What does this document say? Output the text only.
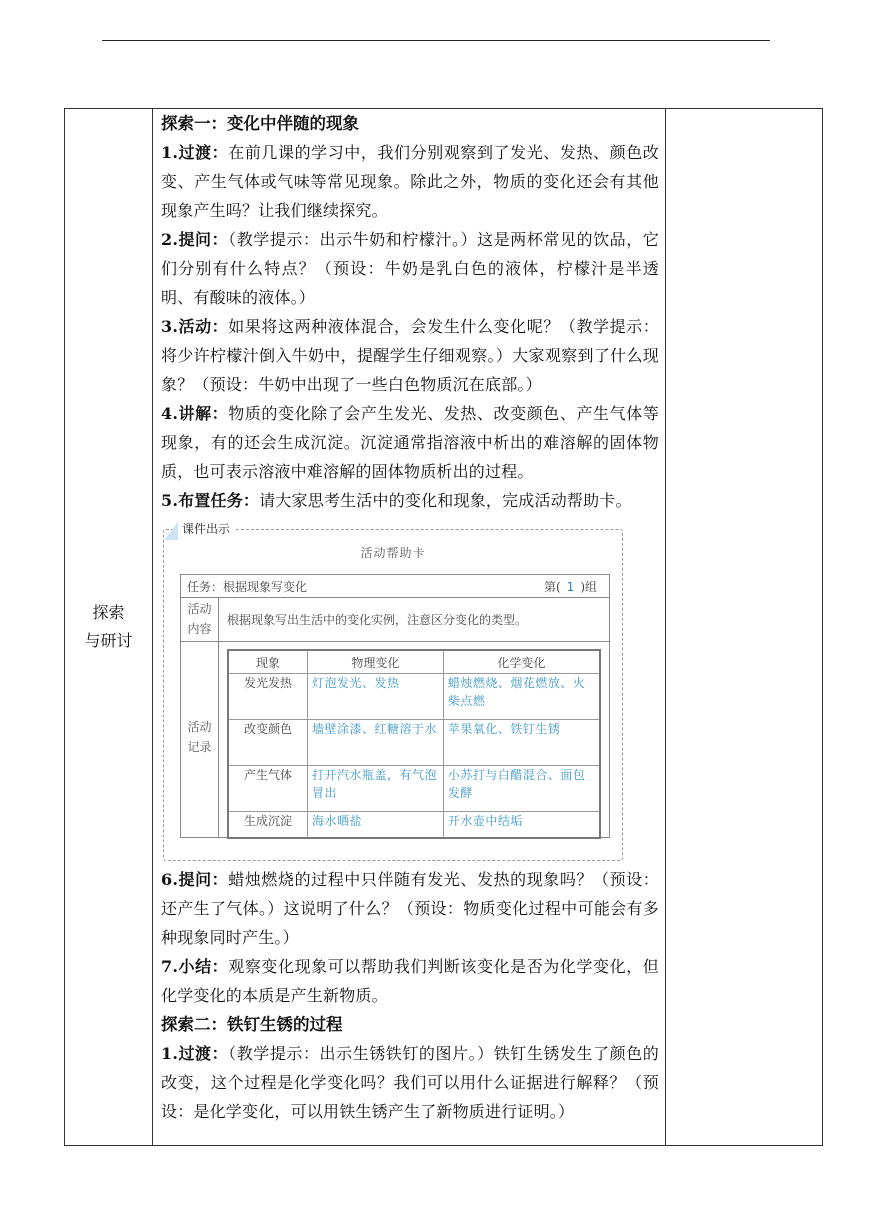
探索
与研讨

探索一：变化中伴随的现象

1.过渡：在前几课的学习中，我们分别观察到了发光、发热、颜色改变、产生气体或气味等常见现象。除此之外，物质的变化还会有其他现象产生吗？让我们继续探究。

2.提问：（教学提示：出示牛奶和柠檬汁。）这是两杯常见的饮品，它们分别有什么特点？（预设：牛奶是乳白色的液体，柠檬汁是半透明、有酸味的液体。）

3.活动：如果将这两种液体混合，会发生什么变化呢？（教学提示：将少许柠檬汁倒入牛奶中，提醒学生仔细观察。）大家观察到了什么现象？（预设：牛奶中出现了一些白色物质沉在底部。）

4.讲解：物质的变化除了会产生发光、发热、改变颜色、产生气体等现象，有的还会生成沉淀。沉淀通常指溶液中析出的难溶解的固体物质，也可表示溶液中难溶解的固体物质析出的过程。

5.布置任务：请大家思考生活中的变化和现象，完成活动帮助卡。

课件出示
活动帮助卡
任务：根据现象写变化	第( 1 )组
活动
内容
根据现象写出生活中的变化实例，注意区分变化的类型。
活动
记录
现象	物理变化	化学变化
发光发热	灯泡发光、发热	蜡烛燃烧、烟花燃放、火柴点燃
改变颜色	墙壁涂漆、红糖溶于水	苹果氧化、铁钉生锈
产生气体	打开汽水瓶盖，有气泡冒出	小苏打与白醋混合、面包发酵
生成沉淀	海水晒盐	开水壶中结垢

6.提问：蜡烛燃烧的过程中只伴随有发光、发热的现象吗？（预设：还产生了气体。）这说明了什么？（预设：物质变化过程中可能会有多种现象同时产生。）

7.小结：观察变化现象可以帮助我们判断该变化是否为化学变化，但化学变化的本质是产生新物质。

探索二：铁钉生锈的过程

1.过渡：（教学提示：出示生锈铁钉的图片。）铁钉生锈发生了颜色的改变，这个过程是化学变化吗？我们可以用什么证据进行解释？（预设：是化学变化，可以用铁生锈产生了新物质进行证明。）
